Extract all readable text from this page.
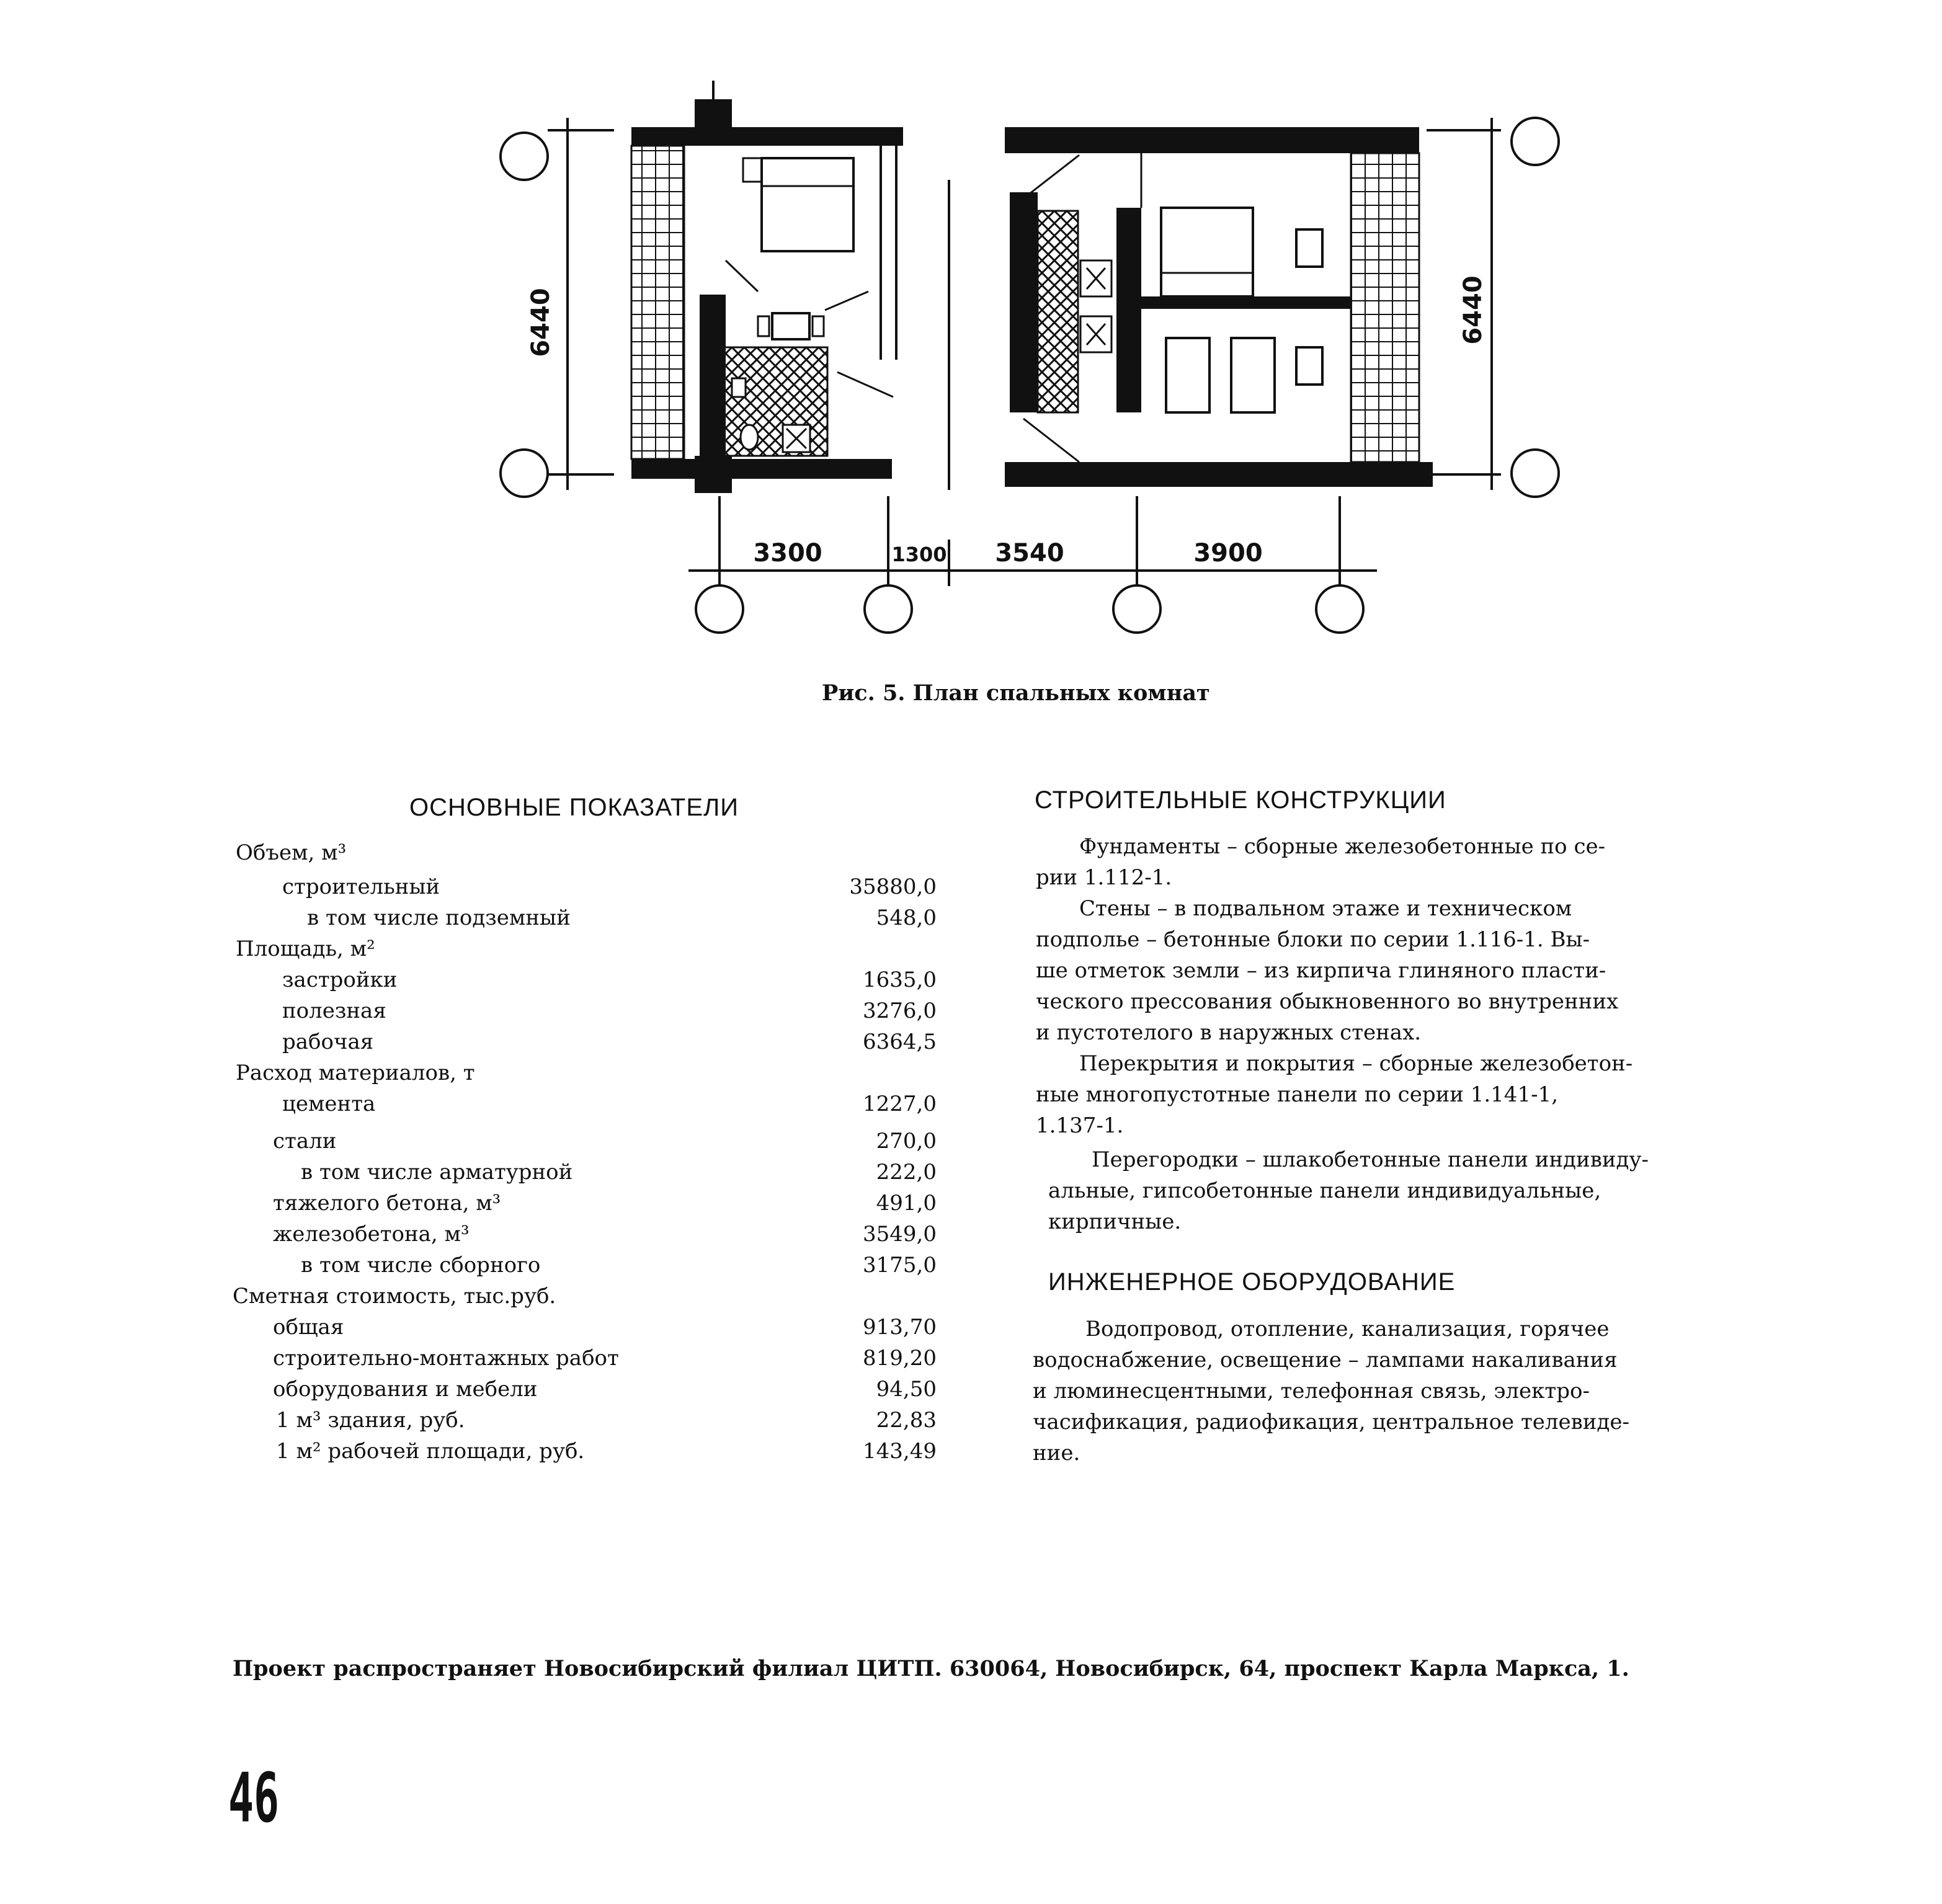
3300	1300 3540	3900
6440	6440
Рис. 5. План спальных комнат
ОСНОВНЫЕ ПОКАЗАТЕЛИ
Объем, м³
строительный	35880,0
в том числе подземный	548,0
Площадь, м²
застройки	1635,0
полезная	3276,0
рабочая	6364,5
Расход материалов, т
цемента	1227,0
стали	270,0
в том числе арматурной	222,0
тяжелого бетона, м³	491,0
железобетона, м³	3549,0
в том числе сборного	3175,0
Сметная стоимость, тыс.руб.
общая	913,70
строительно-монтажных работ	819,20
оборудования и мебели	94,50
1 м³ здания, руб.	22,83
1 м² рабочей площади, руб.	143,49
СТРОИТЕЛЬНЫЕ КОНСТРУКЦИИ
Фундаменты – сборные железобетонные по се-
рии 1.112-1.
Стены – в подвальном этаже и техническом
подполье – бетонные блоки по серии 1.116-1. Вы-
ше отметок земли – из кирпича глиняного пласти-
ческого прессования обыкновенного во внутренних
и пустотелого в наружных стенах.
Перекрытия и покрытия – сборные железобетон-
ные многопустотные панели по серии 1.141-1,
1.137-1.
Перегородки – шлакобетонные панели индивиду-
альные, гипсобетонные панели индивидуальные,
кирпичные.
ИНЖЕНЕРНОЕ ОБОРУДОВАНИЕ
Водопровод, отопление, канализация, горячее
водоснабжение, освещение – лампами накаливания
и люминесцентными, телефонная связь, электро-
часификация, радиофикация, центральное телевиде-
ние.
Проект распространяет Новосибирский филиал ЦИТП. 630064, Новосибирск, 64, проспект Карла Маркса, 1.
46
